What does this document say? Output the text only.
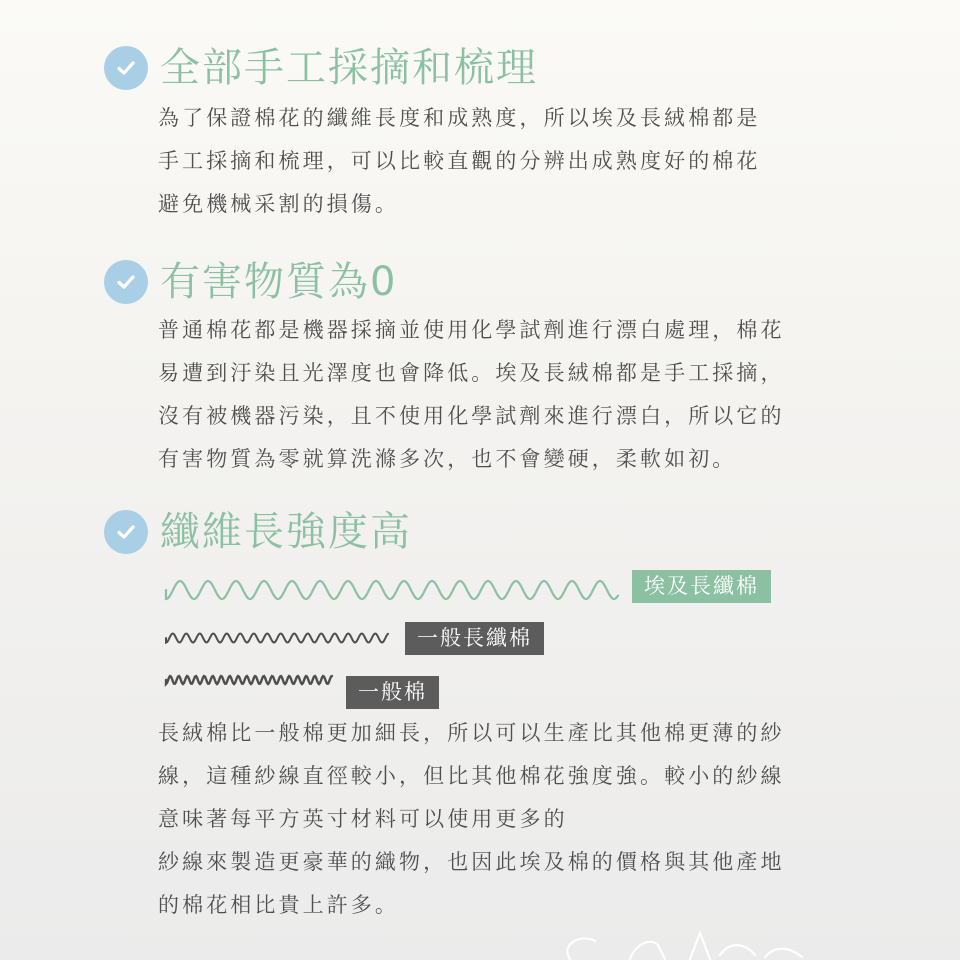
全部手工採摘和梳理
為了保證棉花的纖維長度和成熟度，所以埃及長絨棉都是
手工採摘和梳理，可以比較直觀的分辨出成熟度好的棉花
避免機械采割的損傷。
有害物質為0
普通棉花都是機器採摘並使用化學試劑進行漂白處理，棉花
易遭到汙染且光澤度也會降低。埃及長絨棉都是手工採摘，
沒有被機器污染，且不使用化學試劑來進行漂白，所以它的
有害物質為零就算洗滌多次，也不會變硬，柔軟如初。
纖維長強度高
埃及長纖棉
一般長纖棉
一般棉
長絨棉比一般棉更加細長，所以可以生產比其他棉更薄的紗
線，這種紗線直徑較小，但比其他棉花強度強。較小的紗線
意味著每平方英寸材料可以使用更多的
紗線來製造更豪華的織物，也因此埃及棉的價格與其他產地
的棉花相比貴上許多。
